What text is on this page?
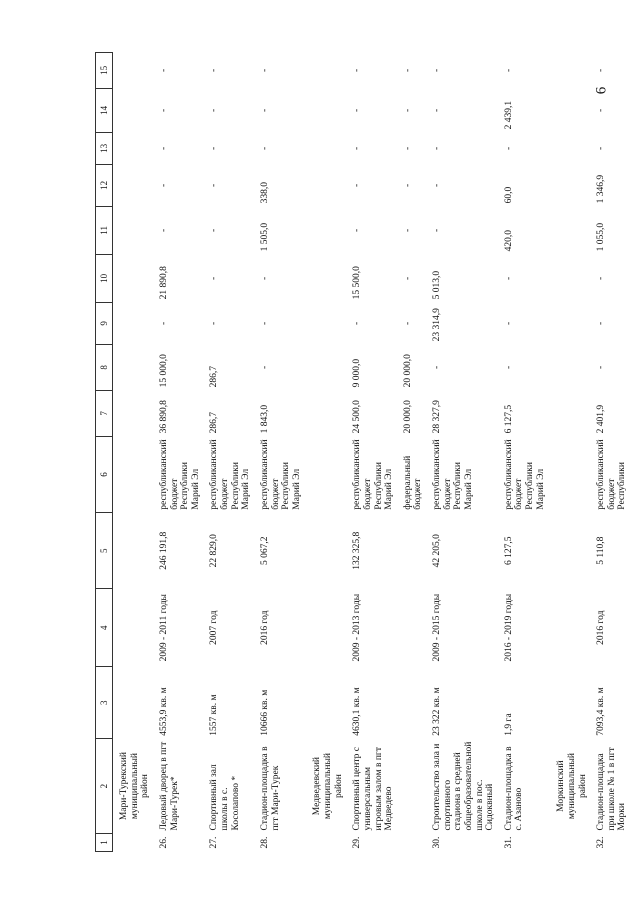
6
1	2	3	4	5	6	7	8	9	10	11	12	13	14	15
	Мари-Турекский муниципальный район													
26.	Ледовый дворец в пгт Мари-Турек*	4553,9 кв. м	2009 - 2011 годы	246 191,8	республиканский бюджет Республики Марий Эл	36 890,8	15 000,0	-	21 890,8	-	-	-	-	-
27.	Спортивный зал школы в с. Косолапово *	1557 кв. м	2007 год	22 829,0	республиканский бюджет Республики Марий Эл	286,7	286,7	-	-	-	-	-	-	-
28.	Стадион-площадка в пгт Мари-Турек	10666 кв. м	2016 год	5 067,2	республиканский бюджет Республики Марий Эл	1 843,0	-	-	-	1 505,0	338,0	-	-	-
	Медведевский муниципальный район													
29.	Спортивный центр с универсальным игровым залом в пгт Медведево	4630,1 кв. м	2009 - 2013 годы	132 325,8	республиканский бюджет Республики Марий Эл	24 500,0	9 000,0	-	15 500,0	-	-	-	-	-
					федеральный бюджет	20 000,0	20 000,0	-	-	-	-	-	-	-
30.	Строительство зала и спортивного стадиона в средней общеобразовательной школе в пос. Сидоквный	23 322 кв. м	2009 - 2015 годы	42 205,0	республиканский бюджет Республики Марий Эл	28 327,9	-	23 314,9	5 013,0	-	-	-	-	-
31.	Стадион-площадка в с. Азаново	1,9 га	2016 - 2019 годы	6 127,5	республиканский бюджет Республики Марий Эл	6 127,5	-	-	-	420,0	60,0	-	2 439,1	-
	Моркинский муниципальный район													
32.	Стадион-площадка при школе № 1 в пгт Морки	7093,4 кв. м	2016 год	5 110,8	республиканский бюджет Республики	2 401,9	-	-	-	1 055,0	1 346,9	-	-	-
